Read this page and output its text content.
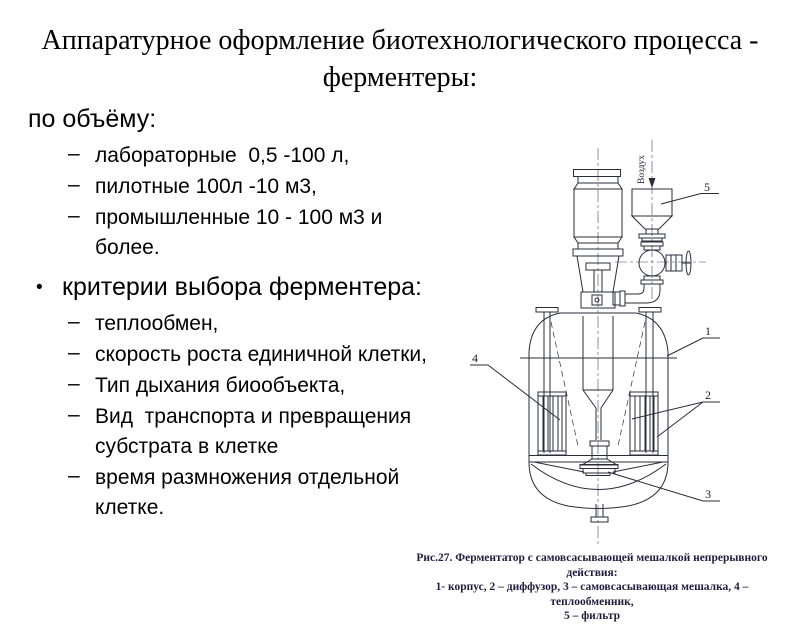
Аппаратурное оформление биотехнологического процесса -
ферментеры:
по объёму:
– лабораторные  0,5 -100 л,
– пилотные 100л -10 м3,
– промышленные 10 - 100 м3 и более.
• критерии выбора ферментера:
– теплообмен,
– скорость роста единичной клетки,
– Тип дыхания биообъекта,
– Вид  транспорта и превращения субстрата в клетке
– время размножения отдельной клетке.
Воздух
5
1
2
3
4
Рис.27. Ферментатор с самовсасывающей мешалкой непрерывного действия:
1- корпус, 2 – диффузор, 3 – самовсасывающая мешалка, 4 – теплообменник,
5 – фильтр
